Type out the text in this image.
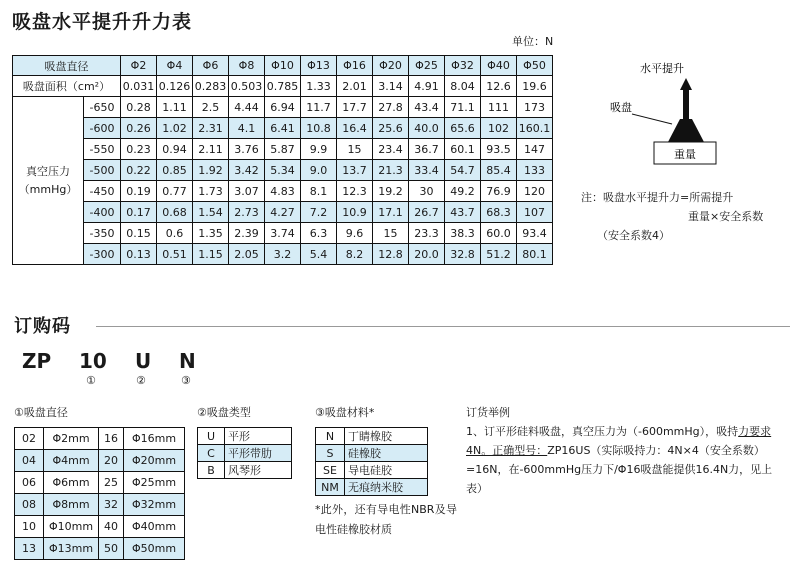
吸盘水平提升升力表
单位：N
吸盘直径		Φ2	Φ4	Φ6	Φ8	Φ10	Φ13	Φ16	Φ20	Φ25	Φ32	Φ40	Φ50
吸盘面积（cm²）		0.031	0.126	0.283	0.503	0.785	1.33	2.01	3.14	4.91	8.04	12.6	19.6

真空压力
（mmHg）	-650	0.28	1.11	2.5	4.44	6.94	11.7	17.7	27.8	43.4	71.1	111	173
	-600	0.26	1.02	2.31	4.1	6.41	10.8	16.4	25.6	40.0	65.6	102	160.1
	-550	0.23	0.94	2.11	3.76	5.87	9.9	15	23.4	36.7	60.1	93.5	147
	-500	0.22	0.85	1.92	3.42	5.34	9.0	13.7	21.3	33.4	54.7	85.4	133
	-450	0.19	0.77	1.73	3.07	4.83	8.1	12.3	19.2	30	49.2	76.9	120
	-400	0.17	0.68	1.54	2.73	4.27	7.2	10.9	17.1	26.7	43.7	68.3	107
	-350	0.15	0.6	1.35	2.39	3.74	6.3	9.6	15	23.3	38.3	60.0	93.4
	-300	0.13	0.51	1.15	2.05	3.2	5.4	8.2	12.8	20.0	32.8	51.2	80.1
水平提升
吸盘
重量
注：吸盘水平提升力=所需提升
重量×安全系数
（安全系数4）
订购码
ZP 10 U N
①	②	③
①吸盘直径
02	Φ2mm	16	Φ16mm
04	Φ4mm	20	Φ20mm
06	Φ6mm	25	Φ25mm
08	Φ8mm	32	Φ32mm
10	Φ10mm	40	Φ40mm
13	Φ13mm	50	Φ50mm
②吸盘类型
U	平形
C	平形带肋
B	风琴形
③吸盘材料*
N	丁睛橡胶
S	硅橡胶
SE	导电硅胶
NM	无痕纳米胶
*此外，还有导电性NBR及导电性硅橡胶材质
订货举例
1、订平形硅料吸盘，真空压力为（-600mmHg），吸持力要求4N。正确型号：ZP16US（实际吸持力：4N×4（安全系数）=16N，在-600mmHg压力下/Φ16吸盘能提供16.4N力，见上表）
